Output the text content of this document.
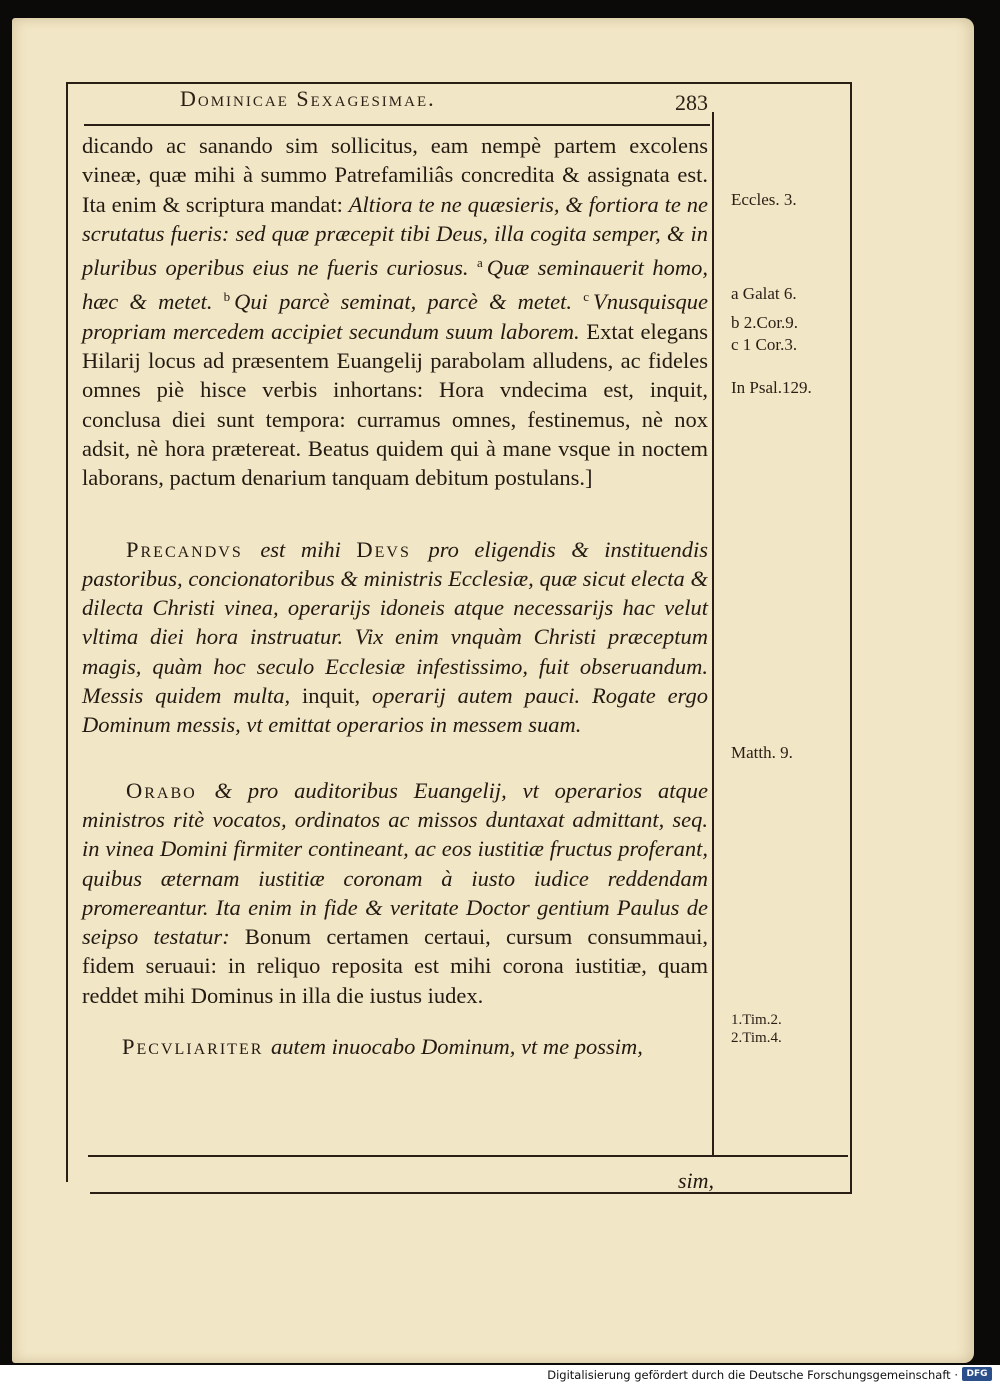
Dominicae Sexagesimae.	283

dicando ac sanando sim sollicitus, eam nempè partem excolens vineæ, quæ mihi à summo Patrefamiliâs concredita & assignata est. Ita enim & scriptura mandat: Altiora te ne quæsieris, & fortiora te ne scrutatus fueris: sed quæ præcepit tibi Deus, illa cogita semper, & in pluribus operibus eius ne fueris curiosus. $^a$ Quæ seminauerit homo, hæc & metet. $^b$ Qui parcè seminat, parcè & metet. $^c$ Vnusquisque propriam mercedem accipiet secundum suum laborem. Extat elegans Hilarij locus ad præsentem Euangelij parabolam alludens, ac fideles omnes piè hisce verbis inhortans: Hora vndecima est, inquit, conclusa diei sunt tempora: curramus omnes, festinemus, nè nox adsit, nè hora prætereat. Beatus quidem qui à mane vsque in noctem laborans, pactum denarium tanquam debitum postulans.]

Precandvs est mihi Devs pro eligendis & instituendis pastoribus, concionatoribus & ministris Ecclesiæ, quæ sicut electa & dilecta Christi vinea, operarijs idoneis atque necessarijs hac velut vltima diei hora instruatur. Vix enim vnquàm Christi præceptum magis, quàm hoc seculo Ecclesiæ infestissimo, fuit obseruandum. Messis quidem multa, inquit, operarij autem pauci. Rogate ergo Dominum messis, vt emittat operarios in messem suam.

Orabo & pro auditoribus Euangelij, vt operarios atque ministros ritè vocatos, ordinatos ac missos duntaxat admittant, seq. in vinea Domini firmiter contineant, ac eos iustitiæ fructus proferant, quibus æternam iustitiæ coronam à iusto iudice reddendam promereantur. Ita enim in fide & veritate Doctor gentium Paulus de seipso testatur: Bonum certamen certaui, cursum consummaui, fidem seruaui: in reliquo reposita est mihi corona iustitiæ, quam reddet mihi Dominus in illa die iustus iudex.

Pecvliariter autem inuocabo Dominum, vt me possim,

Eccles. 3.
a Galat 6.
b 2.Cor.9.
c 1 Cor.3.
In Psal.129.
Matth. 9.
1.Tim.2.
2.Tim.4.
sim,
Digitalisierung gefördert durch die Deutsche Forschungsgemeinschaft · DFG
